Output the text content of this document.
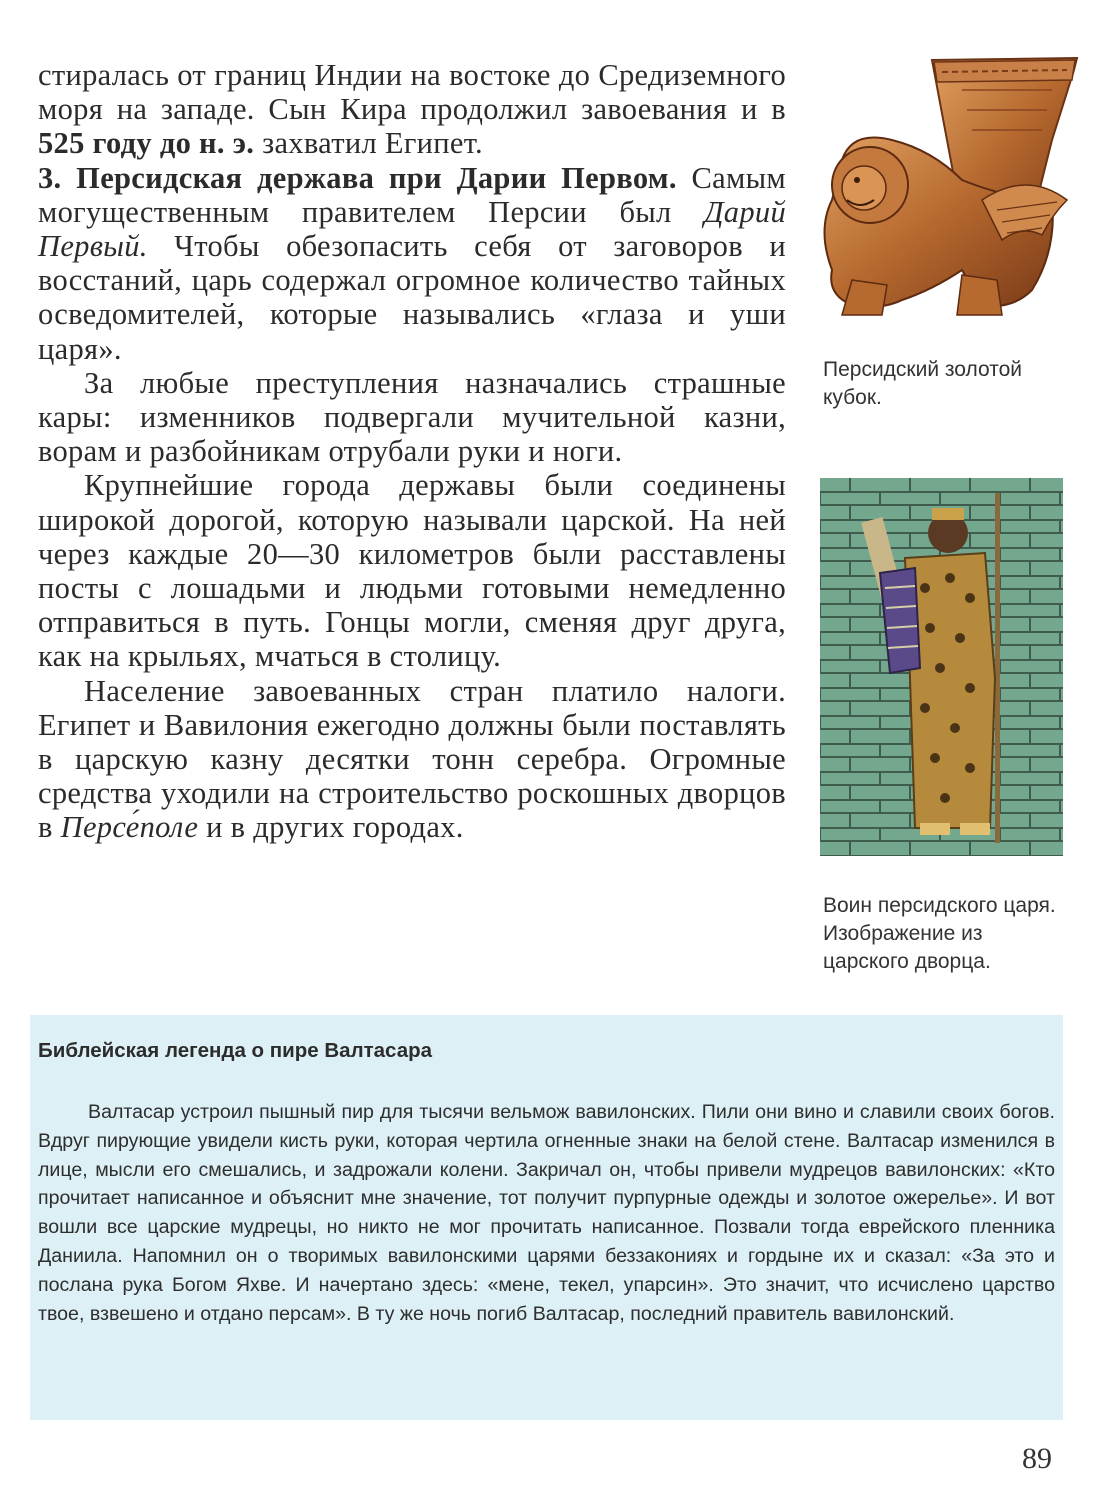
стиралась от границ Индии на востоке до Средиземного моря на западе. Сын Кира продолжил завоевания и в 525 году до н. э. захватил Египет.

3. Персидская держава при Дарии Первом. Самым могущественным правителем Персии был Дарий Первый. Чтобы обезопасить себя от заговоров и восстаний, царь содержал огромное количество тайных осведомителей, которые назывались «глаза и уши царя».

За любые преступления назначались страшные кары: изменников подвергали мучительной казни, ворам и разбойникам отрубали руки и ноги.

Крупнейшие города державы были соединены широкой дорогой, которую называли царской. На ней через каждые 20—30 километров были расставлены посты с лошадьми и людьми готовыми немедленно отправиться в путь. Гонцы могли, сменяя друг друга, как на крыльях, мчаться в столицу.

Население завоеванных стран платило налоги. Египет и Вавилония ежегодно должны были поставлять в царскую казну десятки тонн серебра. Огромные средства уходили на строительство роскошных дворцов в Персе́поле и в других городах.

Персидский золотой кубок.
Воин персидского царя. Изображение из царского дворца.
Библейская легенда о пире Валтасара

Валтасар устроил пышный пир для тысячи вельмож вавилонских. Пили они вино и славили своих богов. Вдруг пирующие увидели кисть руки, которая чертила огненные знаки на белой стене. Валтасар изменился в лице, мысли его смешались, и задрожали колени. Закричал он, чтобы привели мудрецов вавилонских: «Кто прочитает написанное и объяснит мне значение, тот получит пурпурные одежды и золотое ожерелье». И вот вошли все царские мудрецы, но никто не мог прочитать написанное. Позвали тогда еврейского пленника Даниила. Напомнил он о творимых вавилонскими царями беззакониях и гордыне их и сказал: «За это и послана рука Богом Яхве. И начертано здесь: «мене, текел, упарсин». Это значит, что исчислено царство твое, взвешено и отдано персам». В ту же ночь погиб Валтасар, последний правитель вавилонский.

89
